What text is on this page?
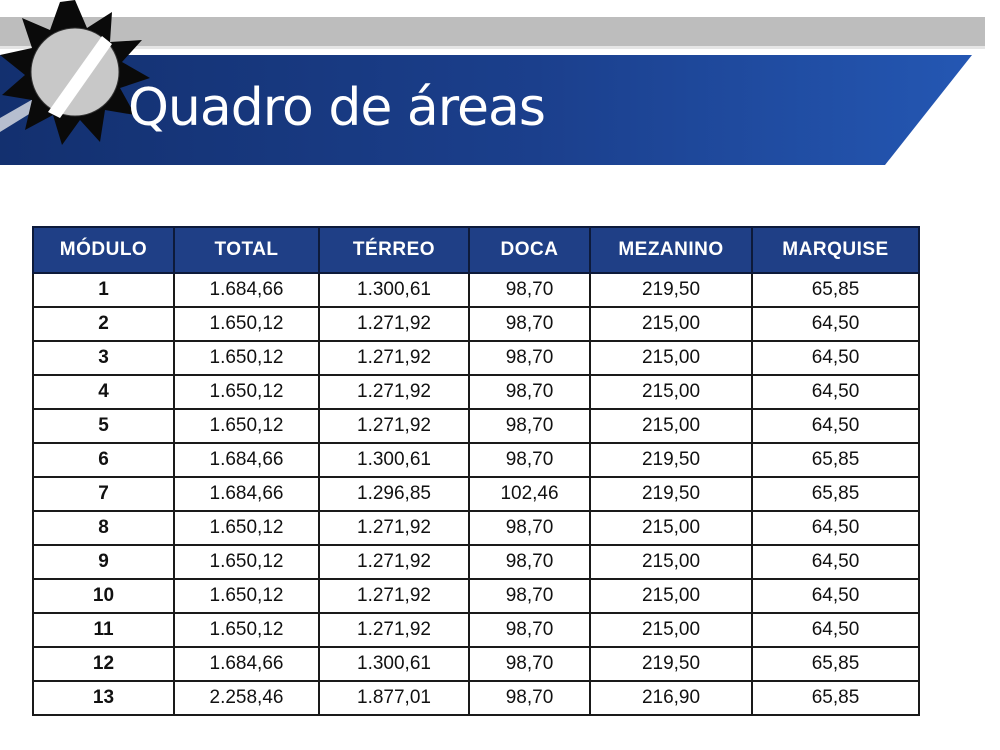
Quadro de áreas
MÓDULO	TOTAL	TÉRREO	DOCA	MEZANINO	MARQUISE
1	1.684,66	1.300,61	98,70	219,50	65,85
2	1.650,12	1.271,92	98,70	215,00	64,50
3	1.650,12	1.271,92	98,70	215,00	64,50
4	1.650,12	1.271,92	98,70	215,00	64,50
5	1.650,12	1.271,92	98,70	215,00	64,50
6	1.684,66	1.300,61	98,70	219,50	65,85
7	1.684,66	1.296,85	102,46	219,50	65,85
8	1.650,12	1.271,92	98,70	215,00	64,50
9	1.650,12	1.271,92	98,70	215,00	64,50
10	1.650,12	1.271,92	98,70	215,00	64,50
11	1.650,12	1.271,92	98,70	215,00	64,50
12	1.684,66	1.300,61	98,70	219,50	65,85
13	2.258,46	1.877,01	98,70	216,90	65,85
